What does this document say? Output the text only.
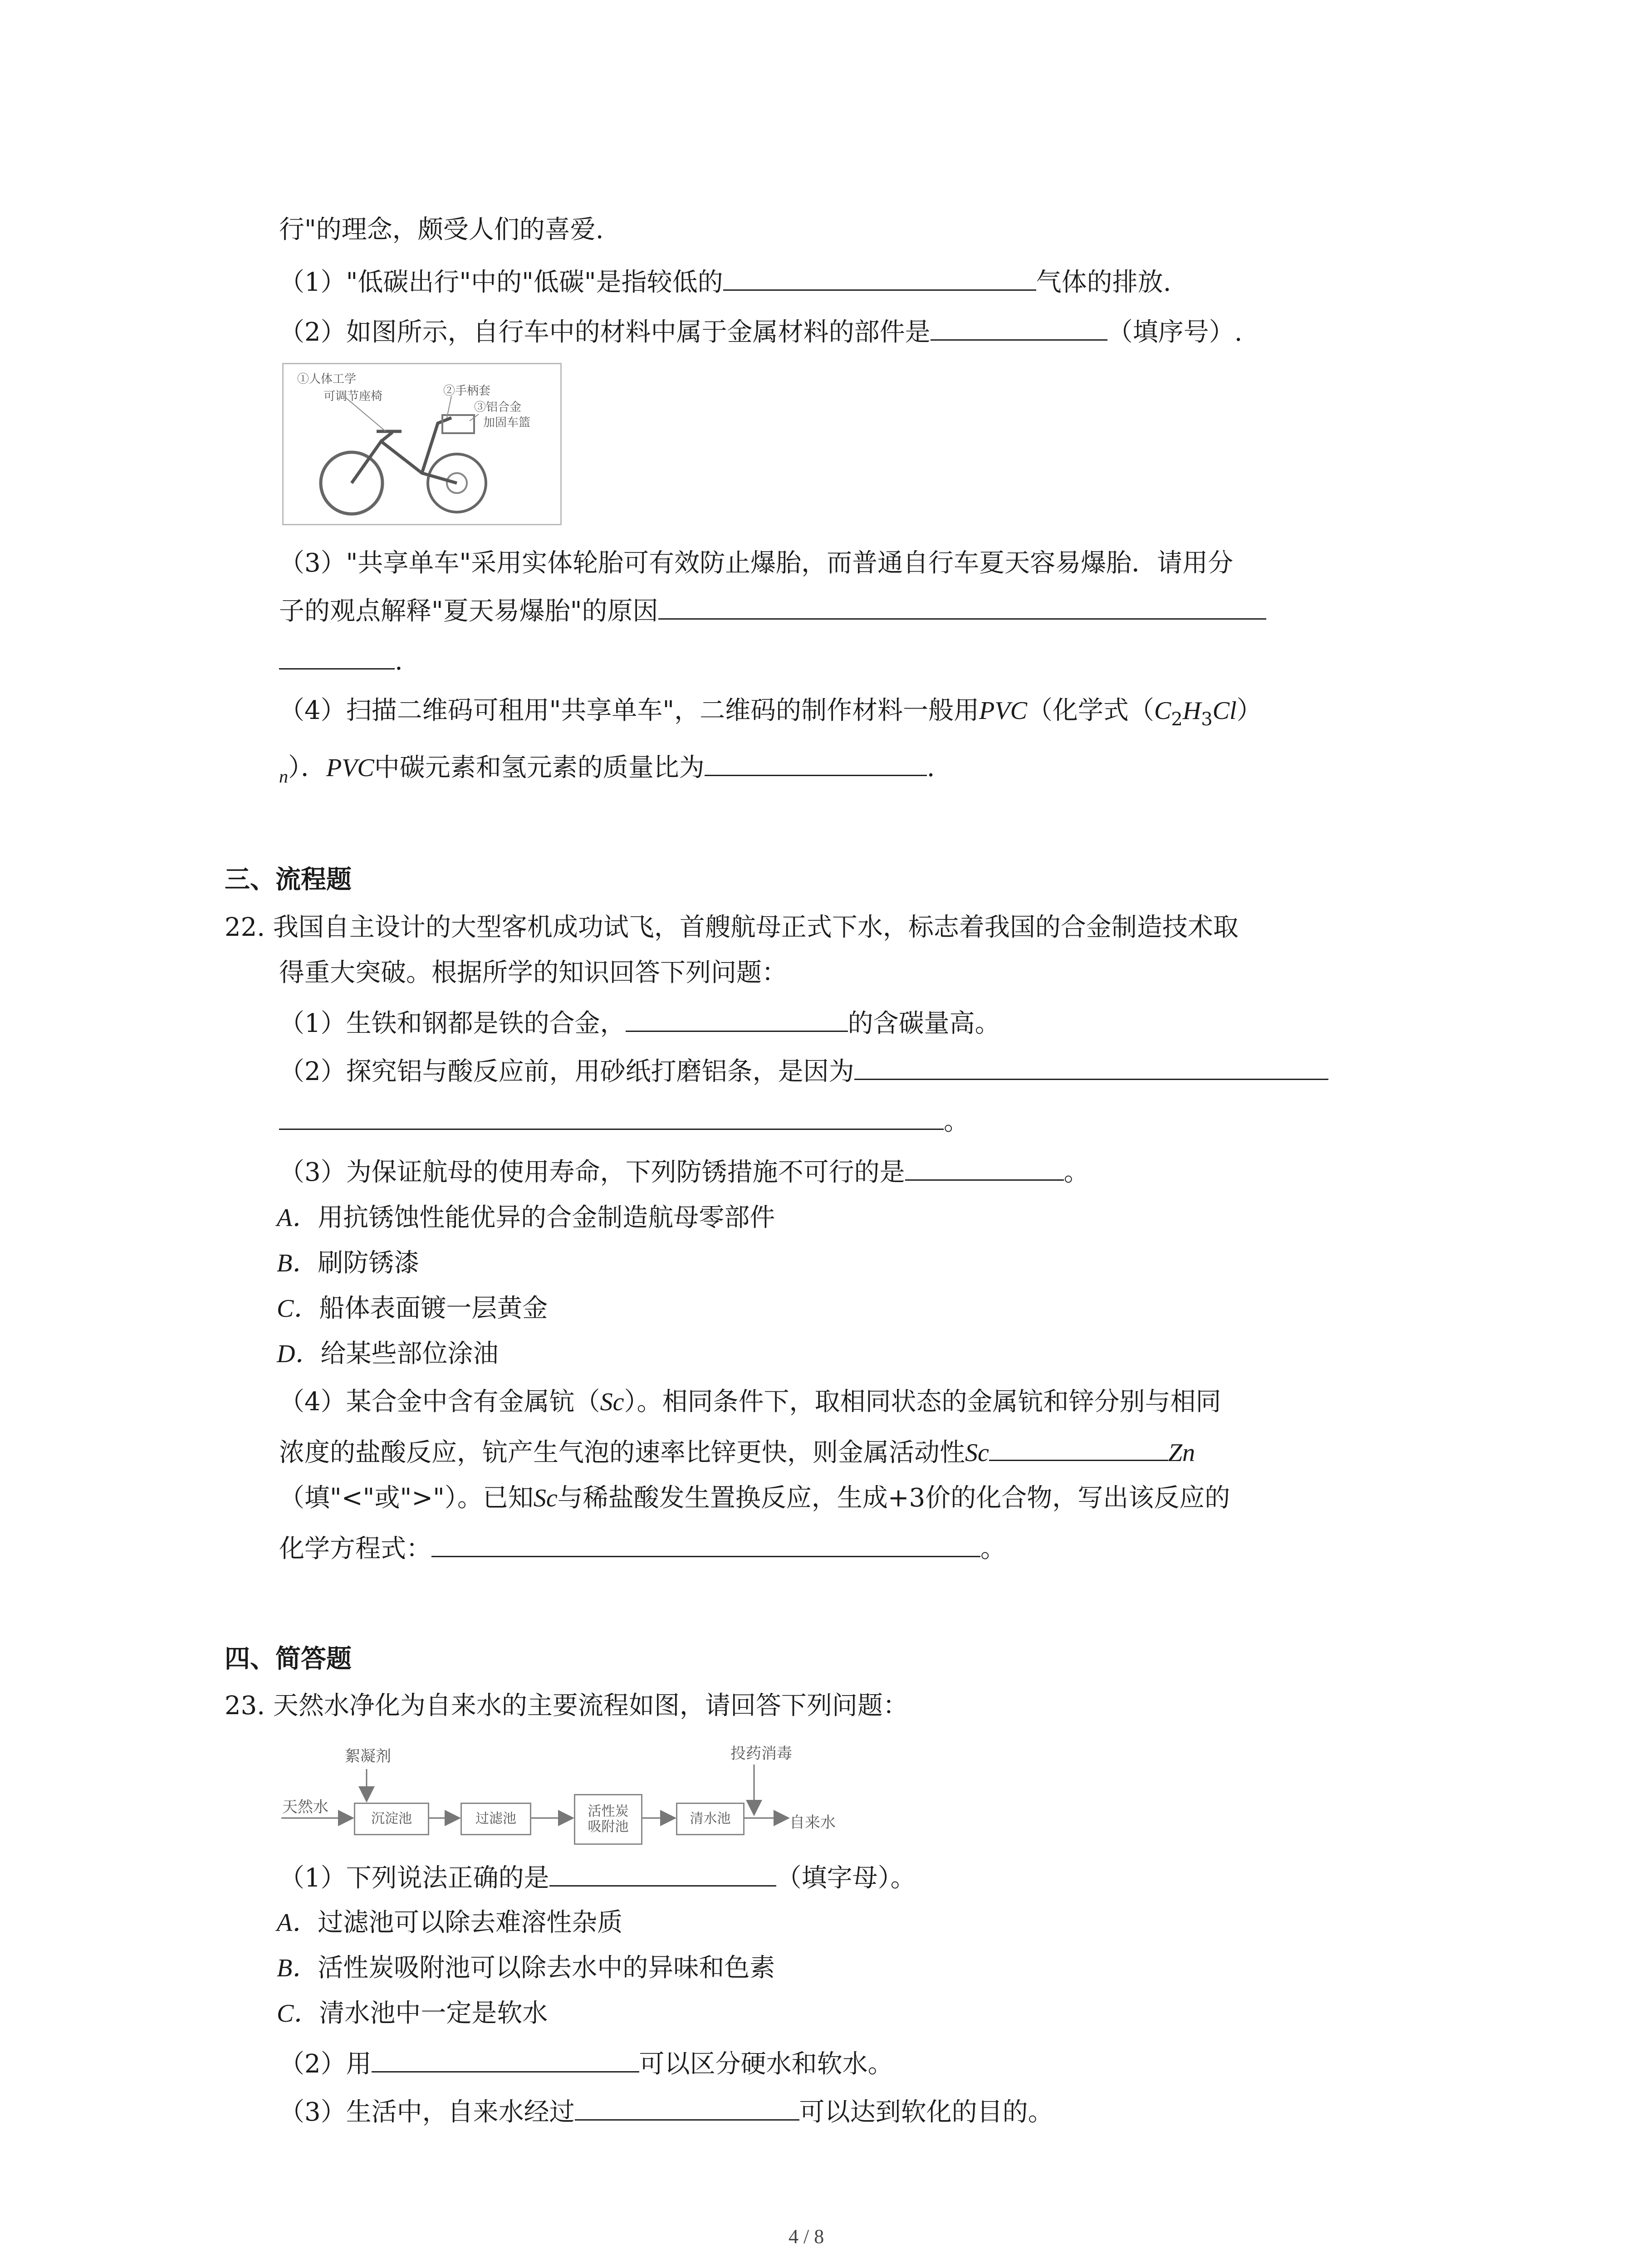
行"的理念，颇受人们的喜爱.
（1）"低碳出行"中的"低碳"是指较低的	气体的排放.
（2）如图所示，自行车中的材料中属于金属材料的部件是	（填序号）.
①人体工学
可调节座椅	②手柄套
③铝合金
加固车篮
（3）"共享单车"采用实体轮胎可有效防止爆胎，而普通自行车夏天容易爆胎．请用分
子的观点解释"夏天易爆胎"的原因
.
（4）扫描二维码可租用"共享单车"，二维码的制作材料一般用PVC（化学式$(C_2H_3Cl)$
$_n$）．PVC中碳元素和氢元素的质量比为	.
三、流程题
22. 我国自主设计的大型客机成功试飞，首艘航母正式下水，标志着我国的合金制造技术取
得重大突破。根据所学的知识回答下列问题：
（1）生铁和钢都是铁的合金，	的含碳量高。
（2）探究铝与酸反应前，用砂纸打磨铝条，是因为
。
（3）为保证航母的使用寿命，下列防锈措施不可行的是	。
A．用抗锈蚀性能优异的合金制造航母零部件
B．刷防锈漆
C．船体表面镀一层黄金
D．给某些部位涂油
（4）某合金中含有金属钪（Sc）。相同条件下，取相同状态的金属钪和锌分别与相同
浓度的盐酸反应，钪产生气泡的速率比锌更快，则金属活动性Sc	Zn
（填"<"或">"）。已知Sc与稀盐酸发生置换反应，生成+3价的化合物，写出该反应的
化学方程式：	。
四、简答题
23. 天然水净化为自来水的主要流程如图，请回答下列问题：
天然水
絮凝剂
沉淀池	过滤池	活性炭
吸附池
清水池
投药消毒
自来水
（1）下列说法正确的是	（填字母）。
A．过滤池可以除去难溶性杂质
B．活性炭吸附池可以除去水中的异味和色素
C．清水池中一定是软水
（2）用	可以区分硬水和软水。
（3）生活中，自来水经过	可以达到软化的目的。
4 / 8
